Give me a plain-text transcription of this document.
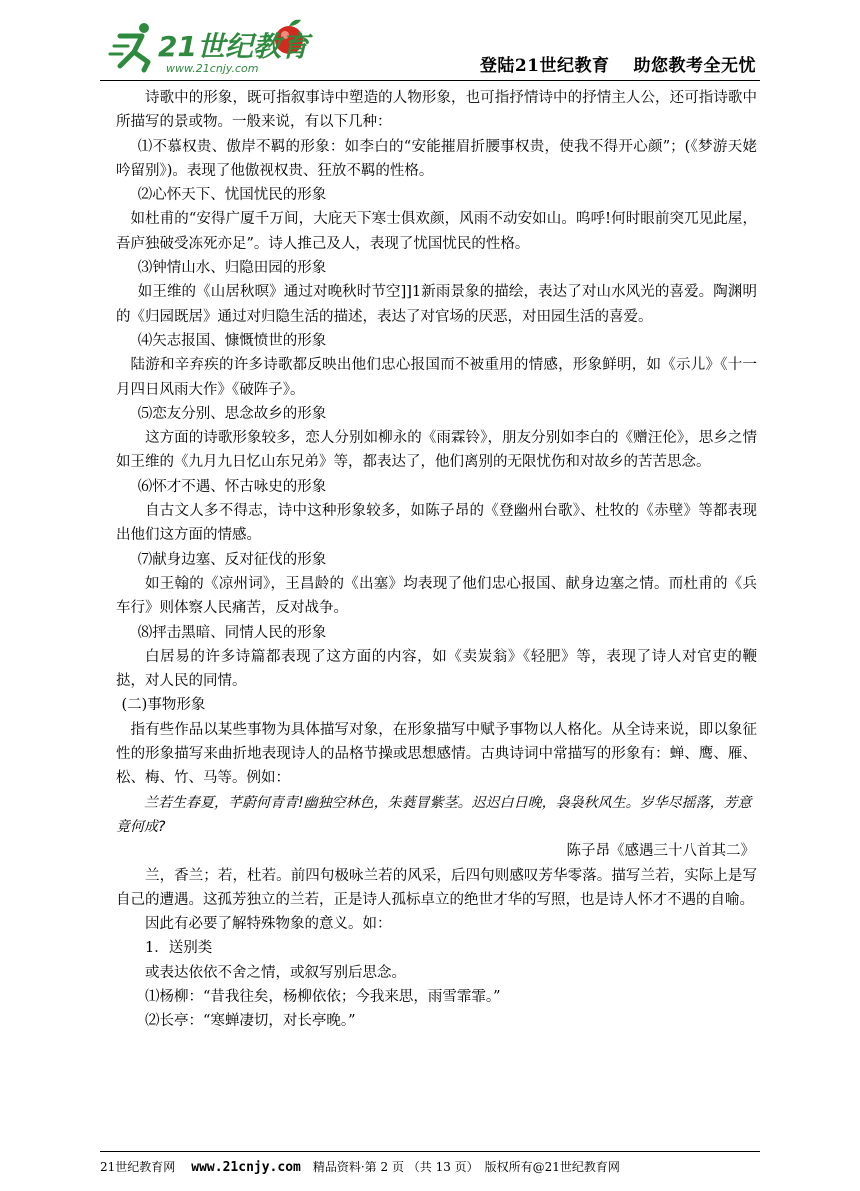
21世纪教育
www.21cnjy.com	登陆21世纪教育 助您教考全无忧

诗歌中的形象，既可指叙事诗中塑造的人物形象，也可指抒情诗中的抒情主人公，还可指诗歌中所描写的景或物。一般来说，有以下几种：

⑴不慕权贵、傲岸不羁的形象：如李白的“安能摧眉折腰事权贵，使我不得开心颜”；(《梦游天姥吟留别》)。表现了他傲视权贵、狂放不羁的性格。

⑵心怀天下、忧国忧民的形象

如杜甫的“安得广厦千万间，大庇天下寒士俱欢颜，风雨不动安如山。呜呼!何时眼前突兀见此屋，吾庐独破受冻死亦足”。诗人推己及人，表现了忧国忧民的性格。

⑶钟情山水、归隐田园的形象

如王维的《山居秋暝》通过对晚秋时节空]]1新雨景象的描绘，表达了对山水风光的喜爱。陶渊明的《归园既居》通过对归隐生活的描述，表达了对官场的厌恶，对田园生活的喜爱。

⑷矢志报国、慷慨愤世的形象

陆游和辛弃疾的许多诗歌都反映出他们忠心报国而不被重用的情感，形象鲜明，如《示儿》《十一月四日风雨大作》《破阵子》。

⑸恋友分别、思念故乡的形象

这方面的诗歌形象较多，恋人分别如柳永的《雨霖铃》，朋友分别如李白的《赠汪伦》，思乡之情如王维的《九月九日忆山东兄弟》等，都表达了，他们离别的无限忧伤和对故乡的苦苦思念。

⑹怀才不遇、怀古咏史的形象

自古文人多不得志，诗中这种形象较多，如陈子昂的《登幽州台歌》、杜牧的《赤壁》等都表现出他们这方面的情感。

⑺献身边塞、反对征伐的形象

如王翰的《凉州词》，王昌龄的《出塞》均表现了他们忠心报国、献身边塞之情。而杜甫的《兵车行》则体察人民痛苦，反对战争。

⑻抨击黑暗、同情人民的形象

白居易的许多诗篇都表现了这方面的内容，如《卖炭翁》《轻肥》等，表现了诗人对官吏的鞭挞，对人民的同情。

(二)事物形象

指有些作品以某些事物为具体描写对象，在形象描写中赋予事物以人格化。从全诗来说，即以象征性的形象描写来曲折地表现诗人的品格节操或思想感情。古典诗词中常描写的形象有：蝉、鹰、雁、松、梅、竹、马等。例如：

兰若生春夏，芊蔚何青青!幽独空林色，朱蕤冒紫茎。迟迟白日晚，袅袅秋风生。岁华尽摇落，芳意竟何成?

陈子昂《感遇三十八首其二》

兰，香兰；若，杜若。前四句极咏兰若的风采，后四句则感叹芳华零落。描写兰若，实际上是写自己的遭遇。这孤芳独立的兰若，正是诗人孤标卓立的绝世才华的写照，也是诗人怀才不遇的自喻。

因此有必要了解特殊物象的意义。如：

1．送别类

或表达依依不舍之情，或叙写别后思念。

⑴杨柳：“昔我往矣，杨柳依依；今我来思，雨雪霏霏。”

⑵长亭：“寒蝉凄切，对长亭晚。”

21世纪教育网 www.21cnjy.com 精品资料·第 2 页 （共 13 页） 版权所有@21世纪教育网
